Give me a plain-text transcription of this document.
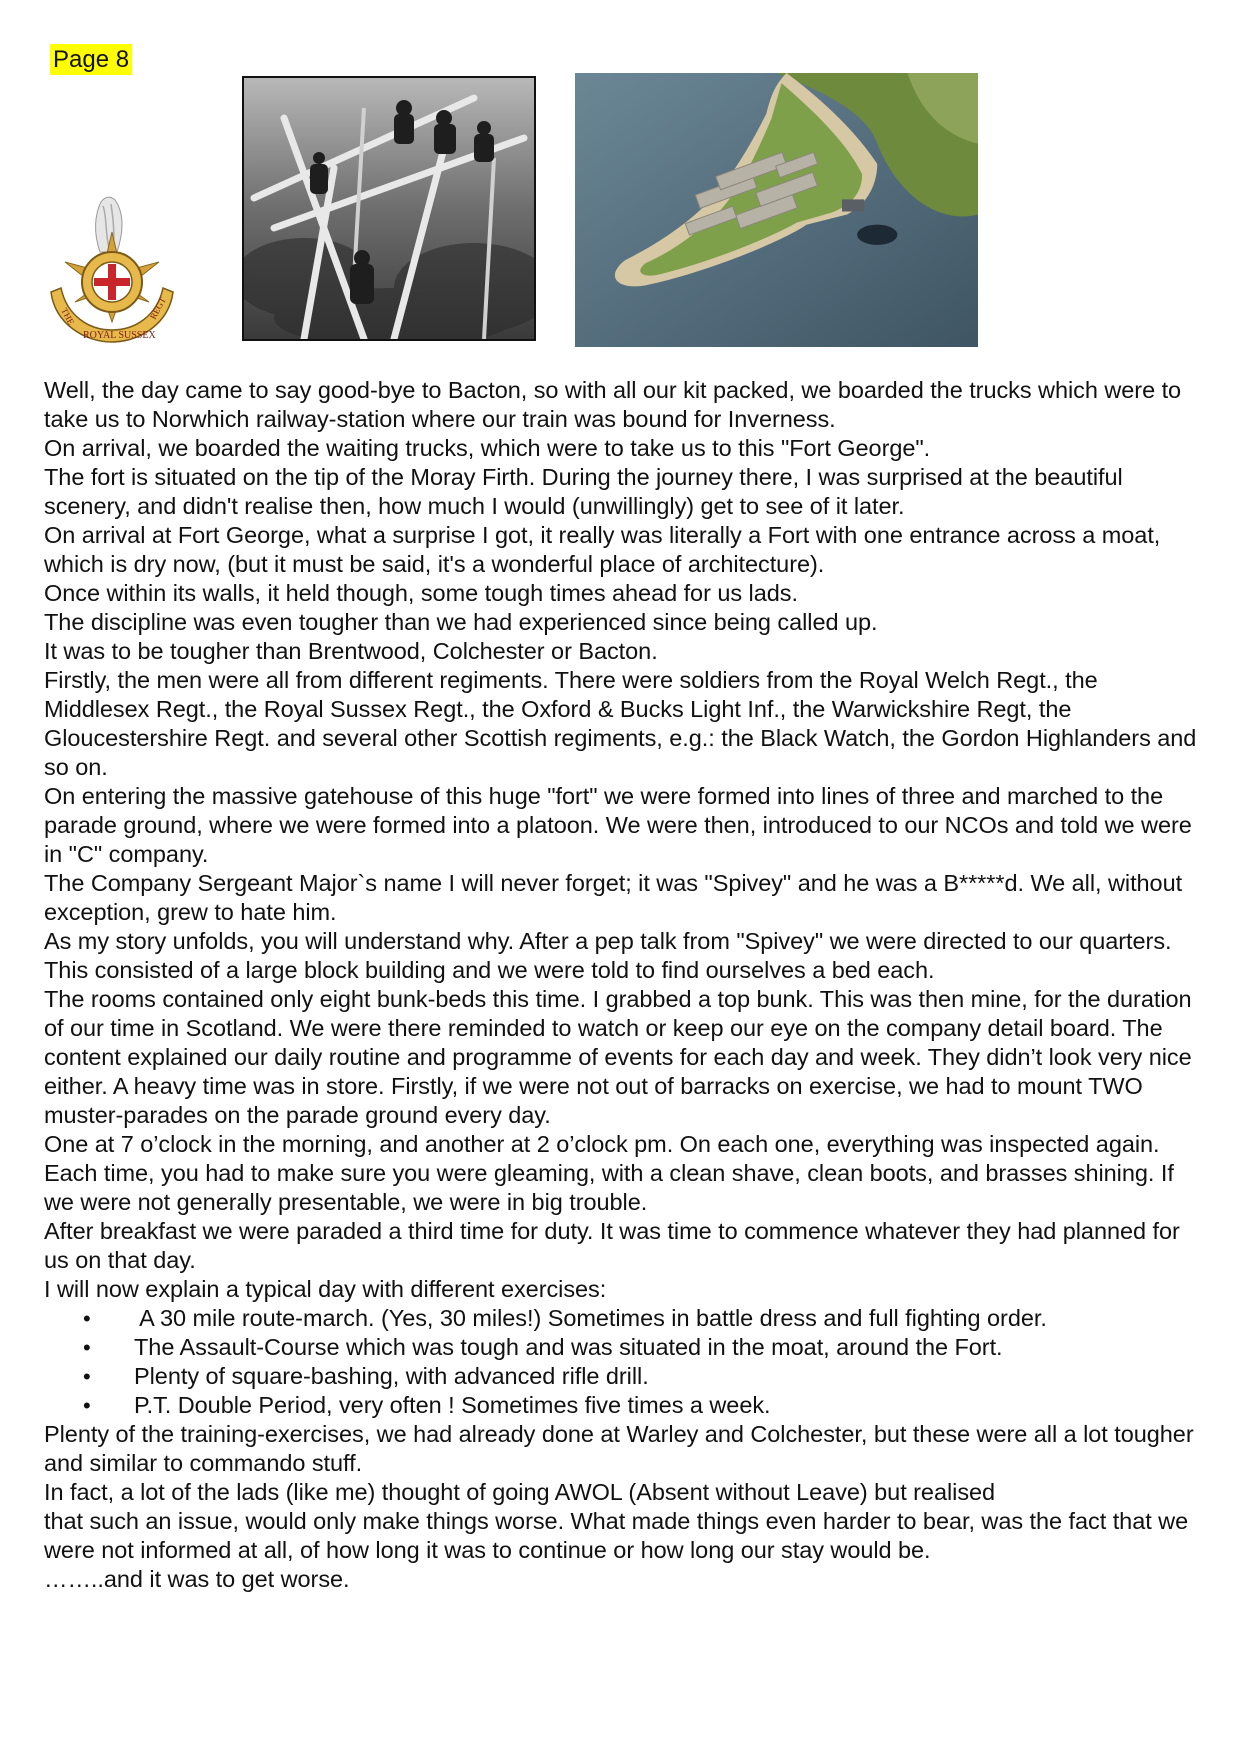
Page 8
THE
ROYAL SUSSEX
REGT

Well, the day came to say good-bye to Bacton, so with all our kit packed, we boarded the trucks which were to take us to Norwhich railway-station where our train was bound for Inverness.

On arrival, we boarded the waiting trucks, which were to take us to this "Fort George".

The fort is situated on the tip of the Moray Firth. During the journey there, I was surprised at the beautiful scenery, and didn't realise then, how much I would (unwillingly) get to see of it later.

On arrival at Fort George, what a surprise I got, it really was literally a Fort with one entrance across a moat, which is dry now, (but it must be said, it's a wonderful place of architecture).

Once within its walls, it held though, some tough times ahead for us lads.

The discipline was even tougher than we had experienced since being called up.

It was to be tougher than Brentwood, Colchester or Bacton.

Firstly, the men were all from different regiments. There were soldiers from the Royal Welch Regt., the Middlesex Regt., the Royal Sussex Regt., the Oxford & Bucks Light Inf., the Warwickshire Regt, the Gloucestershire Regt. and several other Scottish regiments, e.g.: the Black Watch, the Gordon Highlanders and so on.

On entering the massive gatehouse of this huge "fort" we were formed into lines of three and marched to the parade ground, where we were formed into a platoon. We were then, introduced to our NCOs and told we were in "C" company.

The Company Sergeant Major`s name I will never forget; it was "Spivey" and he was a B*****d. We all, without exception, grew to hate him.

As my story unfolds, you will understand why. After a pep talk from "Spivey" we were directed to our quarters. This consisted of a large block building and we were told to find ourselves a bed each.

The rooms contained only eight bunk-beds this time. I grabbed a top bunk. This was then mine, for the duration of our time in Scotland. We were there reminded to watch or keep our eye on the company detail board. The content explained our daily routine and programme of events for each day and week. They didn’t look very nice either. A heavy time was in store. Firstly, if we were not out of barracks on exercise, we had to mount TWO muster-parades on the parade ground every day.

One at 7 o’clock in the morning, and another at 2 o’clock pm. On each one, everything was inspected again. Each time, you had to make sure you were gleaming, with a clean shave, clean boots, and brasses shining. If we were not generally presentable, we were in big trouble.

After breakfast we were paraded a third time for duty. It was time to commence whatever they had planned for us on that day.

I will now explain a typical day with different exercises:

• A 30 mile route-march. (Yes, 30 miles!) Sometimes in battle dress and full fighting order.
• The Assault-Course which was tough and was situated in the moat, around the Fort.
• Plenty of square-bashing, with advanced rifle drill.
• P.T. Double Period, very often ! Sometimes five times a week.

Plenty of the training-exercises, we had already done at Warley and Colchester, but these were all a lot tougher and similar to commando stuff.

In fact, a lot of the lads (like me) thought of going AWOL (Absent without Leave) but realised

that such an issue, would only make things worse. What made things even harder to bear, was the fact that we were not informed at all, of how long it was to continue or how long our stay would be.

……..and it was to get worse.
